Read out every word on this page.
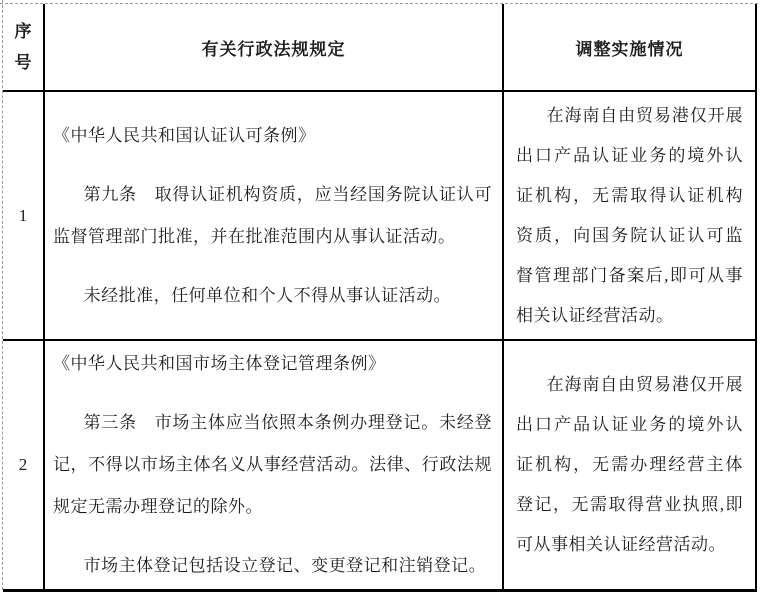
序
号	有关行政法规规定	调整实施情况
1	《中华人民共和国认证认可条例》

第九条　取得认证机构资质，应当经国务院认证认可监督管理部门批准，并在批准范围内从事认证活动。

未经批准，任何单位和个人不得从事认证活动。	在海南自由贸易港仅开展出口产品认证业务的境外认证机构，无需取得认证机构资质，向国务院认证认可监督管理部门备案后,即可从事相关认证经营活动。

2	《中华人民共和国市场主体登记管理条例》

第三条　市场主体应当依照本条例办理登记。未经登记，不得以市场主体名义从事经营活动。法律、行政法规规定无需办理登记的除外。

市场主体登记包括设立登记、变更登记和注销登记。	在海南自由贸易港仅开展出口产品认证业务的境外认证机构，无需办理经营主体登记，无需取得营业执照,即可从事相关认证经营活动。
